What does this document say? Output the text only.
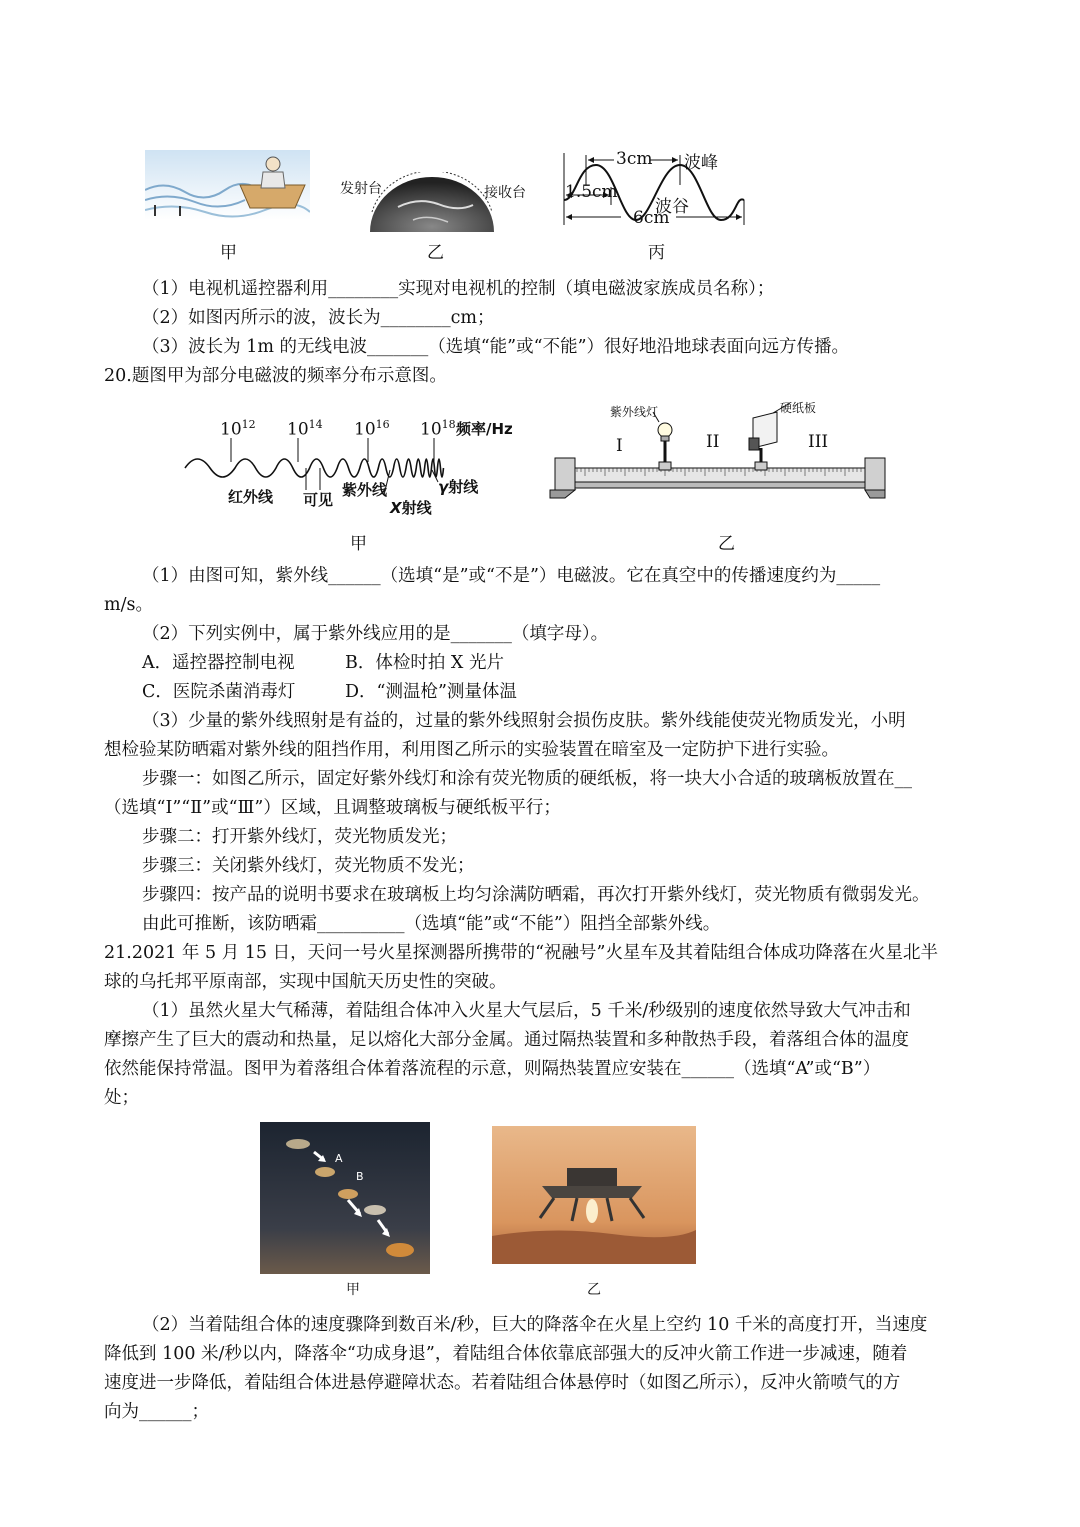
甲
发射台	接收台
乙
3cm 波峰
1.5cm
波谷
6cm
丙
（1）电视机遥控器利用________实现对电视机的控制（填电磁波家族成员名称）；
（2）如图丙所示的波，波长为________cm；
（3）波长为 1m 的无线电波_______（选填“能”或“不能”）很好地沿地球表面向远方传播。
20.题图甲为部分电磁波的频率分布示意图。
$10^{12}$ $10^{14}$ $10^{16}$ $10^{18}$ 频率/Hz
红外线 可见
紫外线	γ射线
X射线
甲
紫外线灯	硬纸板
I	II	III
乙
（1）由图可知，紫外线______（选填“是”或“不是”）电磁波。它在真空中的传播速度约为_____
m/s。
（2）下列实例中，属于紫外线应用的是_______（填字母）。
A．遥控器控制电视	B．体检时拍 X 光片
C．医院杀菌消毒灯	D．“测温枪”测量体温
（3）少量的紫外线照射是有益的，过量的紫外线照射会损伤皮肤。紫外线能使荧光物质发光，小明
想检验某防晒霜对紫外线的阻挡作用，利用图乙所示的实验装置在暗室及一定防护下进行实验。
步骤一：如图乙所示，固定好紫外线灯和涂有荧光物质的硬纸板，将一块大小合适的玻璃板放置在__
（选填“I”“Ⅱ”或“Ⅲ”）区域，且调整玻璃板与硬纸板平行；
步骤二：打开紫外线灯，荧光物质发光；
步骤三：关闭紫外线灯，荧光物质不发光；
步骤四：按产品的说明书要求在玻璃板上均匀涂满防晒霜，再次打开紫外线灯，荧光物质有微弱发光。
由此可推断，该防晒霜__________（选填“能”或“不能”）阻挡全部紫外线。
21.2021 年 5 月 15 日，天问一号火星探测器所携带的“祝融号”火星车及其着陆组合体成功降落在火星北半
球的乌托邦平原南部，实现中国航天历史性的突破。
（1）虽然火星大气稀薄，着陆组合体冲入火星大气层后，5 千米/秒级别的速度依然导致大气冲击和
摩擦产生了巨大的震动和热量，足以熔化大部分金属。通过隔热装置和多种散热手段，着落组合体的温度
依然能保持常温。图甲为着落组合体着落流程的示意，则隔热装置应安装在______（选填“A”或“B”）
处；
A
B
甲	乙
（2）当着陆组合体的速度骤降到数百米/秒，巨大的降落伞在火星上空约 10 千米的高度打开，当速度
降低到 100 米/秒以内，降落伞“功成身退”，着陆组合体依靠底部强大的反冲火箭工作进一步减速，随着
速度进一步降低，着陆组合体进悬停避障状态。若着陆组合体悬停时（如图乙所示），反冲火箭喷气的方
向为______；
